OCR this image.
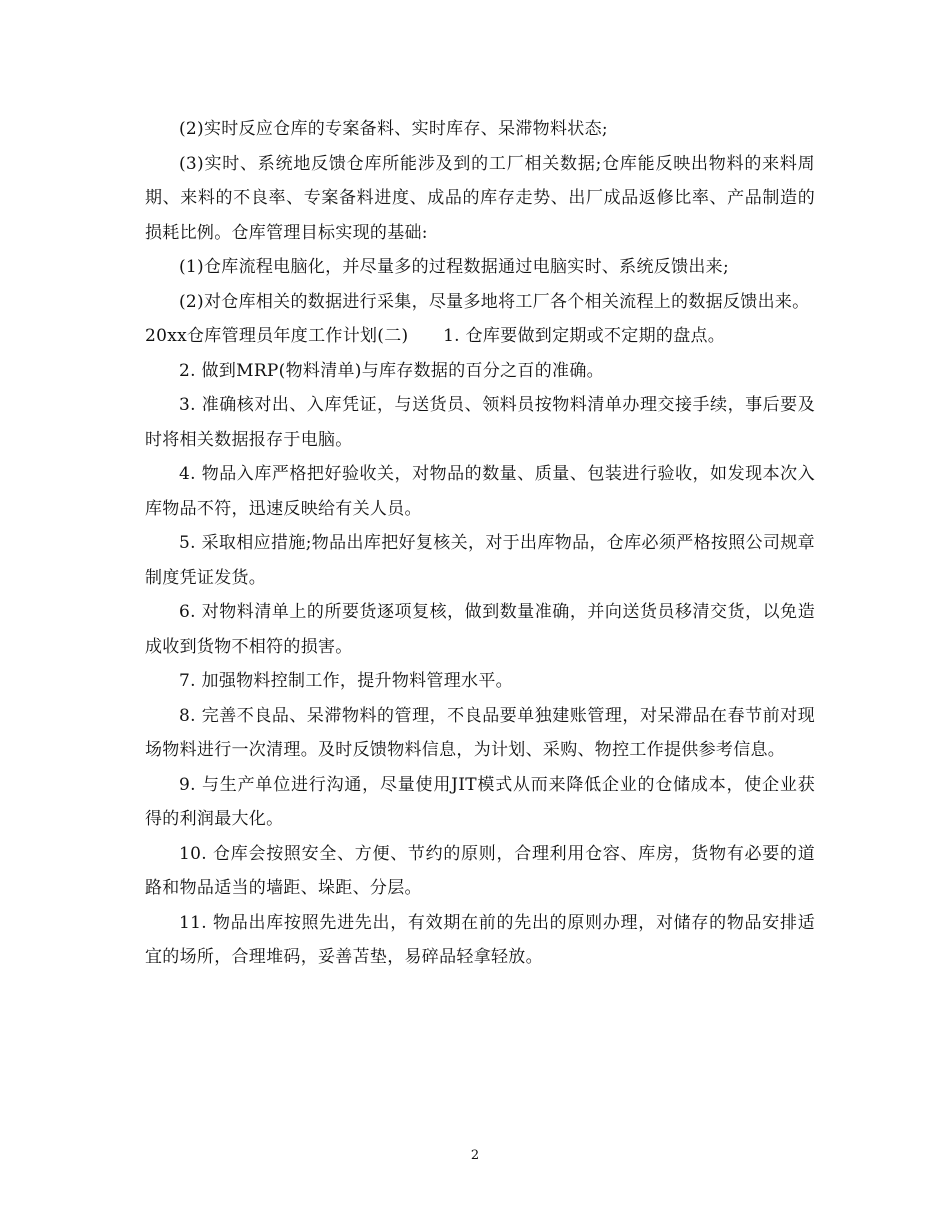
(2)实时反应仓库的专案备料、实时库存、呆滞物料状态;

(3)实时、系统地反馈仓库所能涉及到的工厂相关数据;仓库能反映出物料的来料周期、来料的不良率、专案备料进度、成品的库存走势、出厂成品返修比率、产品制造的损耗比例。仓库管理目标实现的基础:

(1)仓库流程电脑化，并尽量多的过程数据通过电脑实时、系统反馈出来;

(2)对仓库相关的数据进行采集，尽量多地将工厂各个相关流程上的数据反馈出来。

20xx仓库管理员年度工作计划(二)　　1. 仓库要做到定期或不定期的盘点。

2. 做到MRP(物料清单)与库存数据的百分之百的准确。

3. 准确核对出、入库凭证，与送货员、领料员按物料清单办理交接手续，事后要及时将相关数据报存于电脑。

4. 物品入库严格把好验收关，对物品的数量、质量、包装进行验收，如发现本次入库物品不符，迅速反映给有关人员。

5. 采取相应措施;物品出库把好复核关，对于出库物品，仓库必须严格按照公司规章制度凭证发货。

6. 对物料清单上的所要货逐项复核，做到数量准确，并向送货员移清交货，以免造成收到货物不相符的损害。

7. 加强物料控制工作，提升物料管理水平。

8. 完善不良品、呆滞物料的管理，不良品要单独建账管理，对呆滞品在春节前对现场物料进行一次清理。及时反馈物料信息，为计划、采购、物控工作提供参考信息。

9. 与生产单位进行沟通，尽量使用JIT模式从而来降低企业的仓储成本，使企业获得的利润最大化。

10. 仓库会按照安全、方便、节约的原则，合理利用仓容、库房，货物有必要的道路和物品适当的墙距、垛距、分层。

11. 物品出库按照先进先出，有效期在前的先出的原则办理，对储存的物品安排适宜的场所，合理堆码，妥善苫垫，易碎品轻拿轻放。

2
